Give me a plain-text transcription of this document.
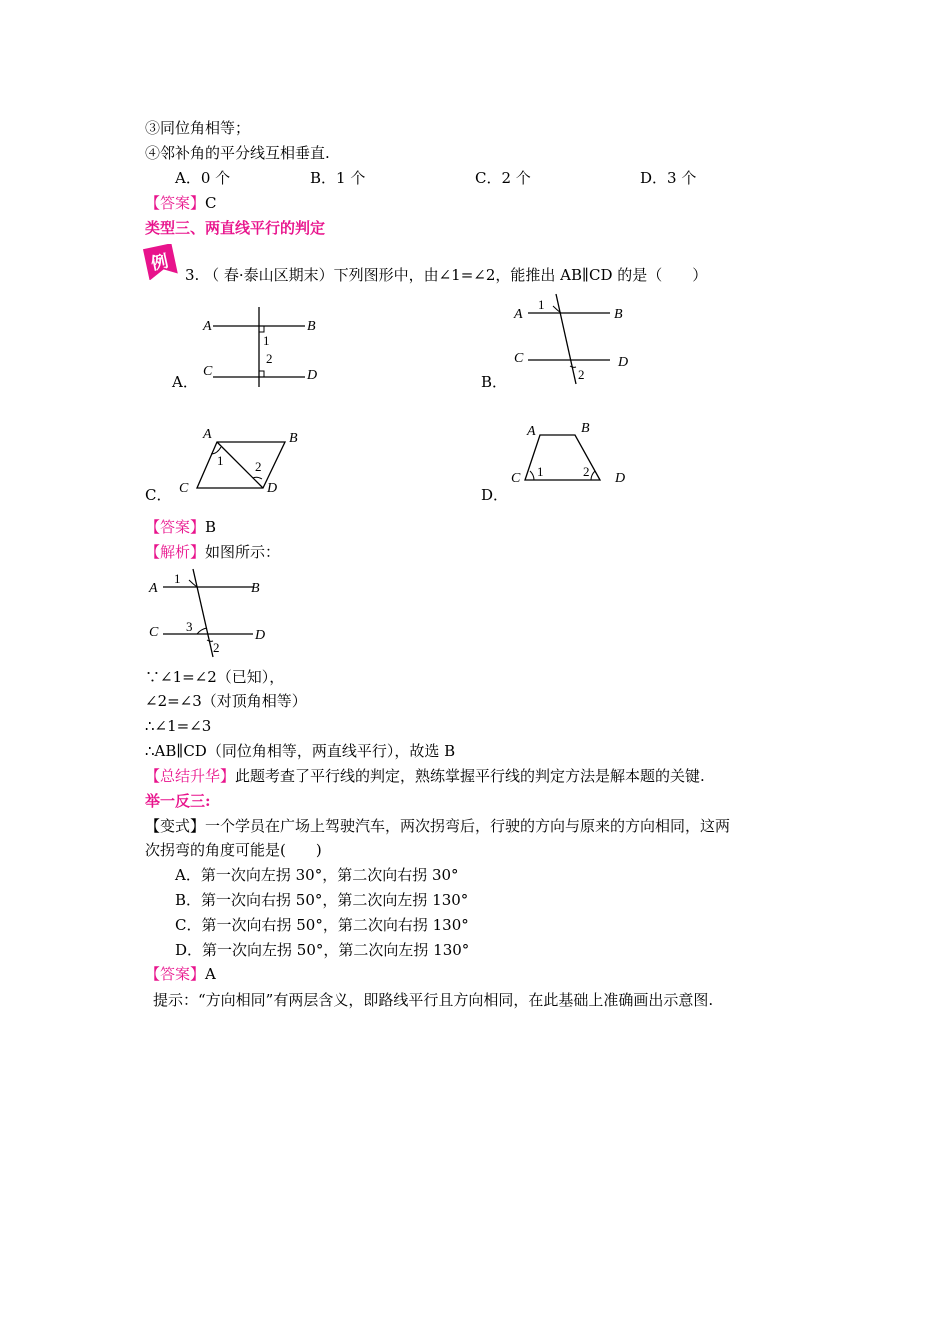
③同位角相等；
④邻补角的平分线互相垂直.
A．0 个	B．1 个	C．2 个	D．3 个
【答案】C
类型三、两直线平行的判定
例
3. （ 春·泰山区期末）下列图形中，由∠1=∠2，能推出 AB∥CD 的是（　　）
A	B
C	D
1
2
A．
A	B
C	D
1
2
B．
A	B
C	D
1 2
C．
A	B
C	D
1	2
D．
【答案】B
【解析】如图所示：
A	B
C	D
1
3
2
∵∠1=∠2（已知），
∠2=∠3（对顶角相等）
∴∠1=∠3
∴AB∥CD（同位角相等，两直线平行），故选 B
【总结升华】此题考查了平行线的判定，熟练掌握平行线的判定方法是解本题的关键.
举一反三:
【变式】一个学员在广场上驾驶汽车，两次拐弯后，行驶的方向与原来的方向相同，这两
次拐弯的角度可能是(　　)
A．第一次向左拐 30°，第二次向右拐 30°
B．第一次向右拐 50°，第二次向左拐 130°
C．第一次向右拐 50°，第二次向右拐 130°
D．第一次向左拐 50°，第二次向左拐 130°
【答案】A
提示：“方向相同”有两层含义，即路线平行且方向相同，在此基础上准确画出示意图.
